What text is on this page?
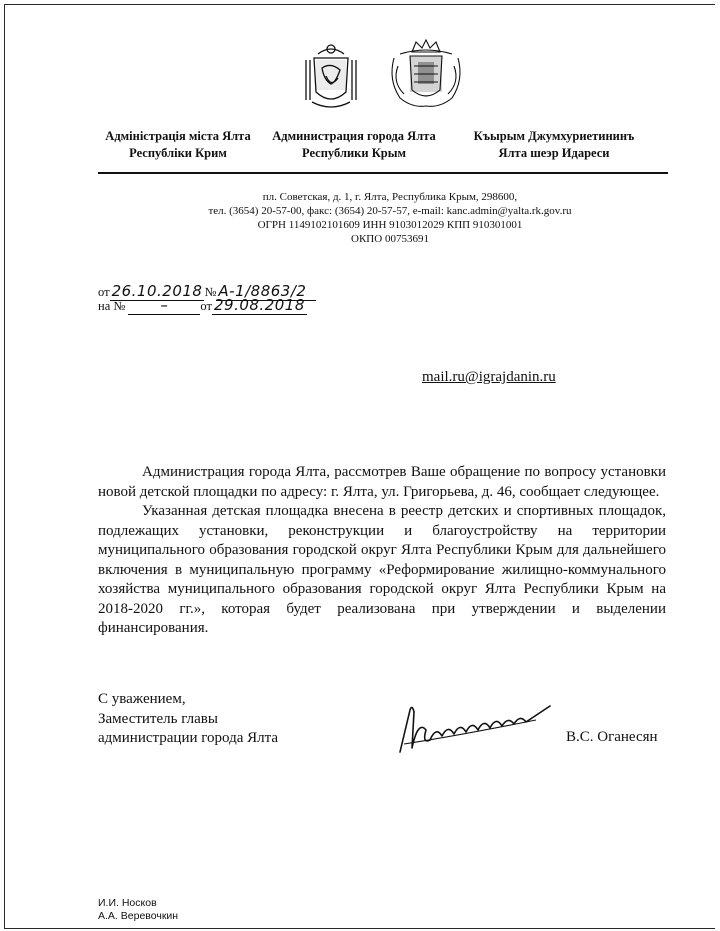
Адміністрація міста Ялта
Республіки Крим
Администрация города Ялта
Республики Крым
Къырым Джумхуриетининъ
Ялта шеэр Идареси
пл. Советская, д. 1, г. Ялта, Республика Крым, 298600,
тел. (3654) 20-57-00, факс: (3654) 20-57-57, e-mail: kanc.admin@yalta.rk.gov.ru
ОГРН 1149102101609 ИНН 9103012029 КПП 910301001
ОКПО 00753691
от 26.10.2018 № А-1/8863/2
на № –	от 29.08.2018
mail.ru@igrajdanin.ru

Администрация города Ялта, рассмотрев Ваше обращение по вопросу установки новой детской площадки по адресу: г. Ялта, ул. Григорьева, д. 46, сообщает следующее.

Указанная детская площадка внесена в реестр детских и спортивных площадок, подлежащих установки, реконструкции и благоустройству на территории муниципального образования городской округ Ялта Республики Крым для дальнейшего включения в муниципальную программу «Реформирование жилищно-коммунального хозяйства муниципального образования городской округ Ялта Республики Крым на 2018-2020 гг.», которая будет реализована при утверждении и выделении финансирования.

С уважением,
Заместитель главы
администрации города Ялта	В.С. Оганесян
И.И. Носков
А.А. Веревочкин
